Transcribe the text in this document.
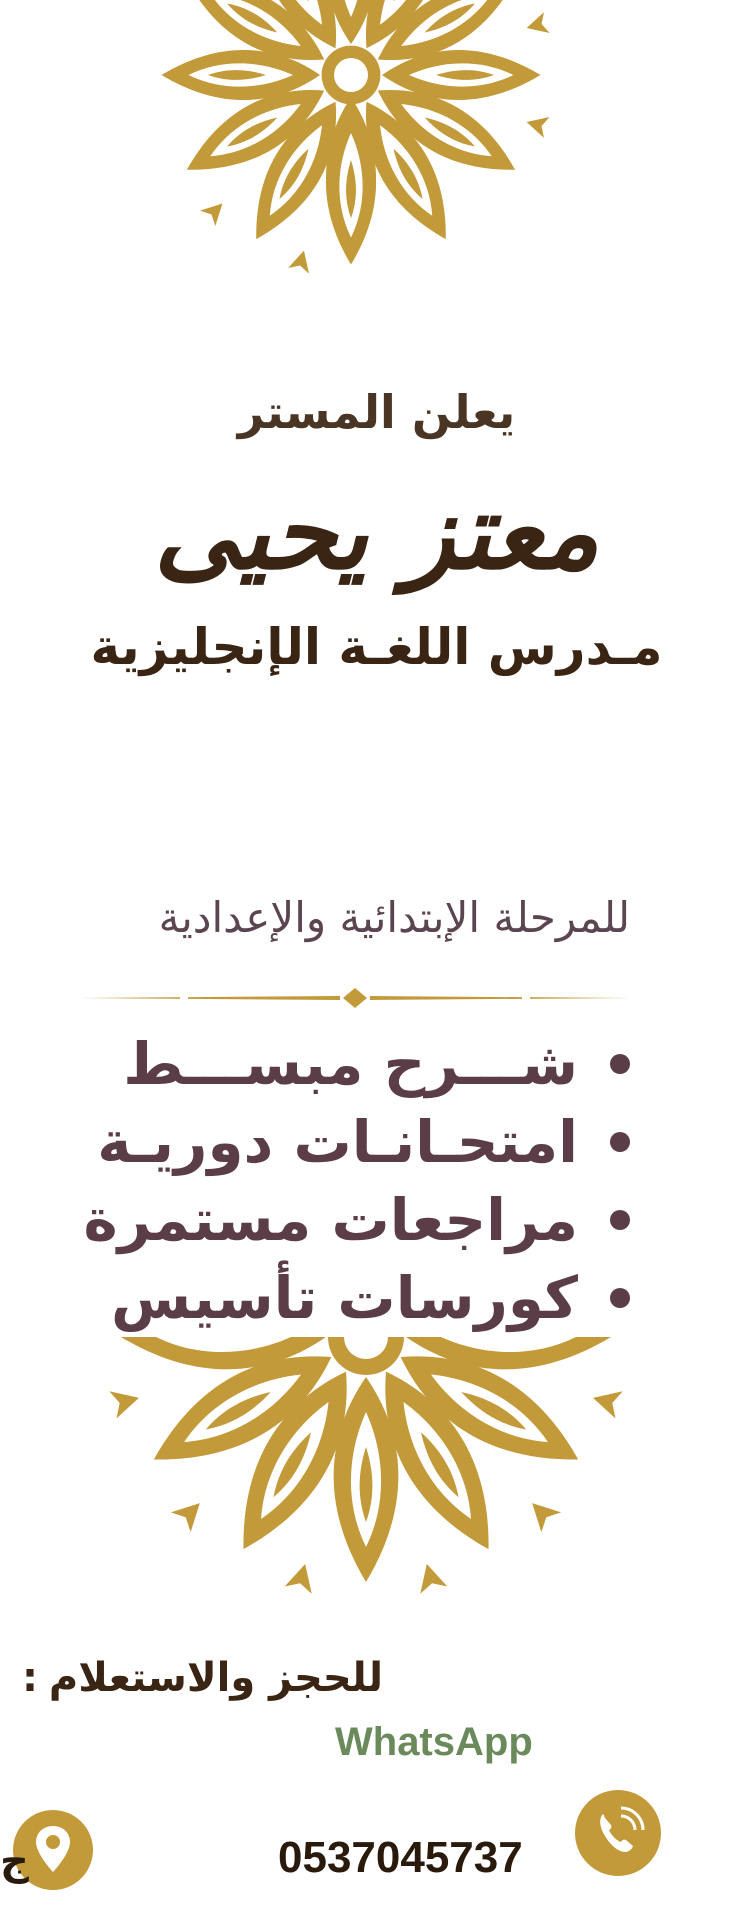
يعلن المستر
معتز يحيى
مـدرس اللغـة الإنجليزية
للمرحلة الإبتدائية والإعدادية
شـــرح مبســـط
امتحـانـات دوريـة
مراجعات مستمرة
كورسات تأسيس
للحجز والاستعلام
:
WhatsApp
ج	0537045737
